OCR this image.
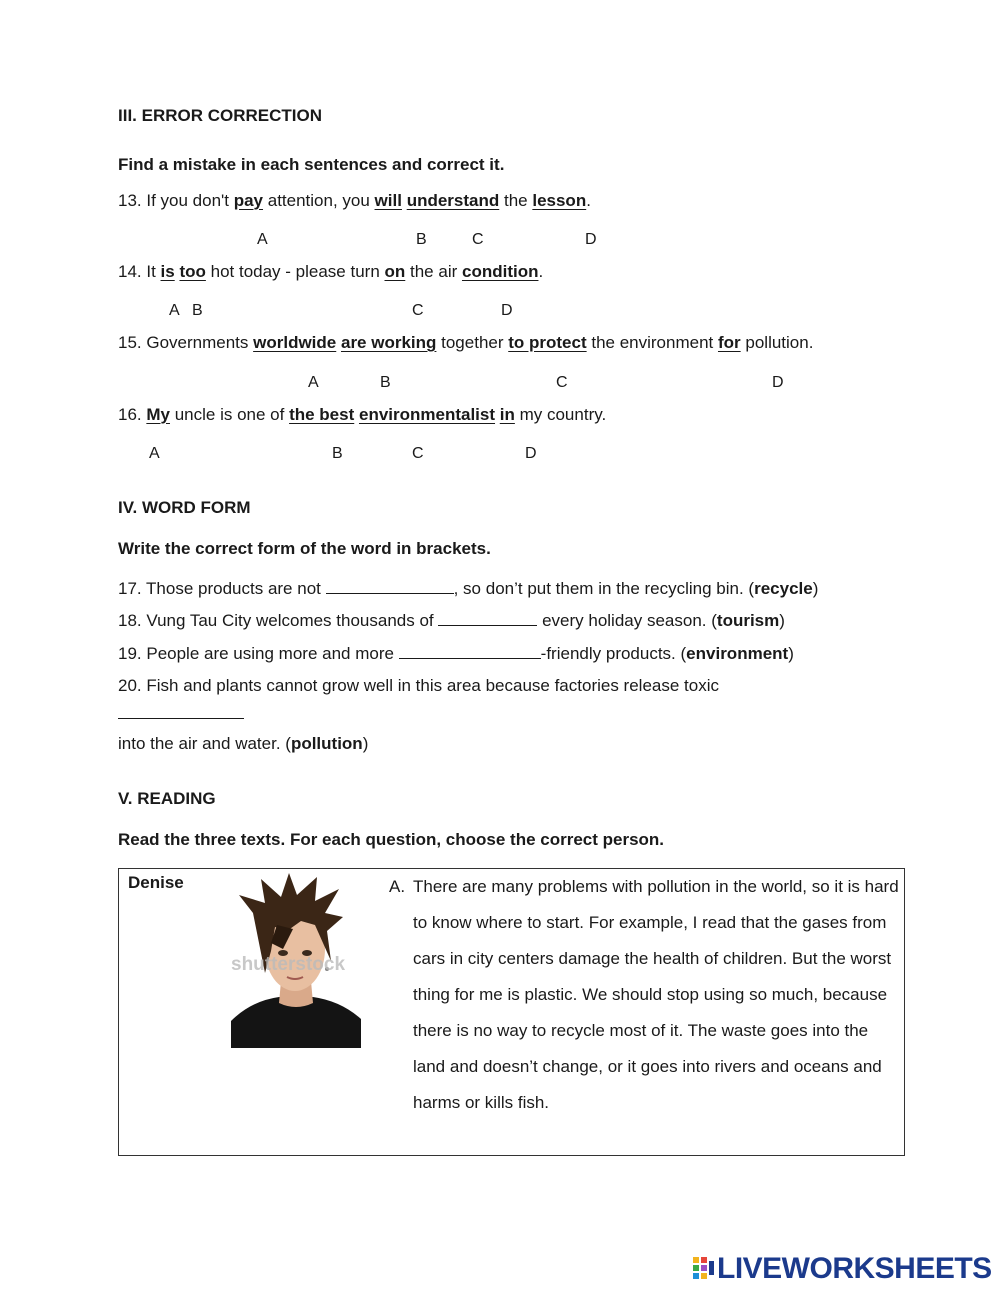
III. ERROR CORRECTION
Find a mistake in each sentences and correct it.
13. If you don't pay attention, you will understand the lesson.
A	B	C	D
14. It is too hot today - please turn on the air condition.
A B	C	D
15. Governments worldwide are working together to protect the environment for pollution.
A	B	C	D
16. My uncle is one of the best environmentalist in my country.
A	B	C	D
IV. WORD FORM
Write the correct form of the word in brackets.
17. Those products are not	, so don’t put them in the recycling bin. (recycle)
18. Vung Tau City welcomes thousands of	every holiday season. (tourism)
19. People are using more and more	-friendly products. (environment)
20. Fish and plants cannot grow well in this area because factories release toxic
into the air and water. (pollution)
V. READING
Read the three texts. For each question, choose the correct person.
Denise
shutterstock
A. There are many problems with pollution in the world, so it is hard to know where to start. For example, I read that the gases from cars in city centers damage the health of children. But the worst thing for me is plastic. We should stop using so much, because there is no way to recycle most of it. The waste goes into the land and doesn’t change, or it goes into rivers and oceans and harms or kills fish.
LIVEWORKSHEETS
